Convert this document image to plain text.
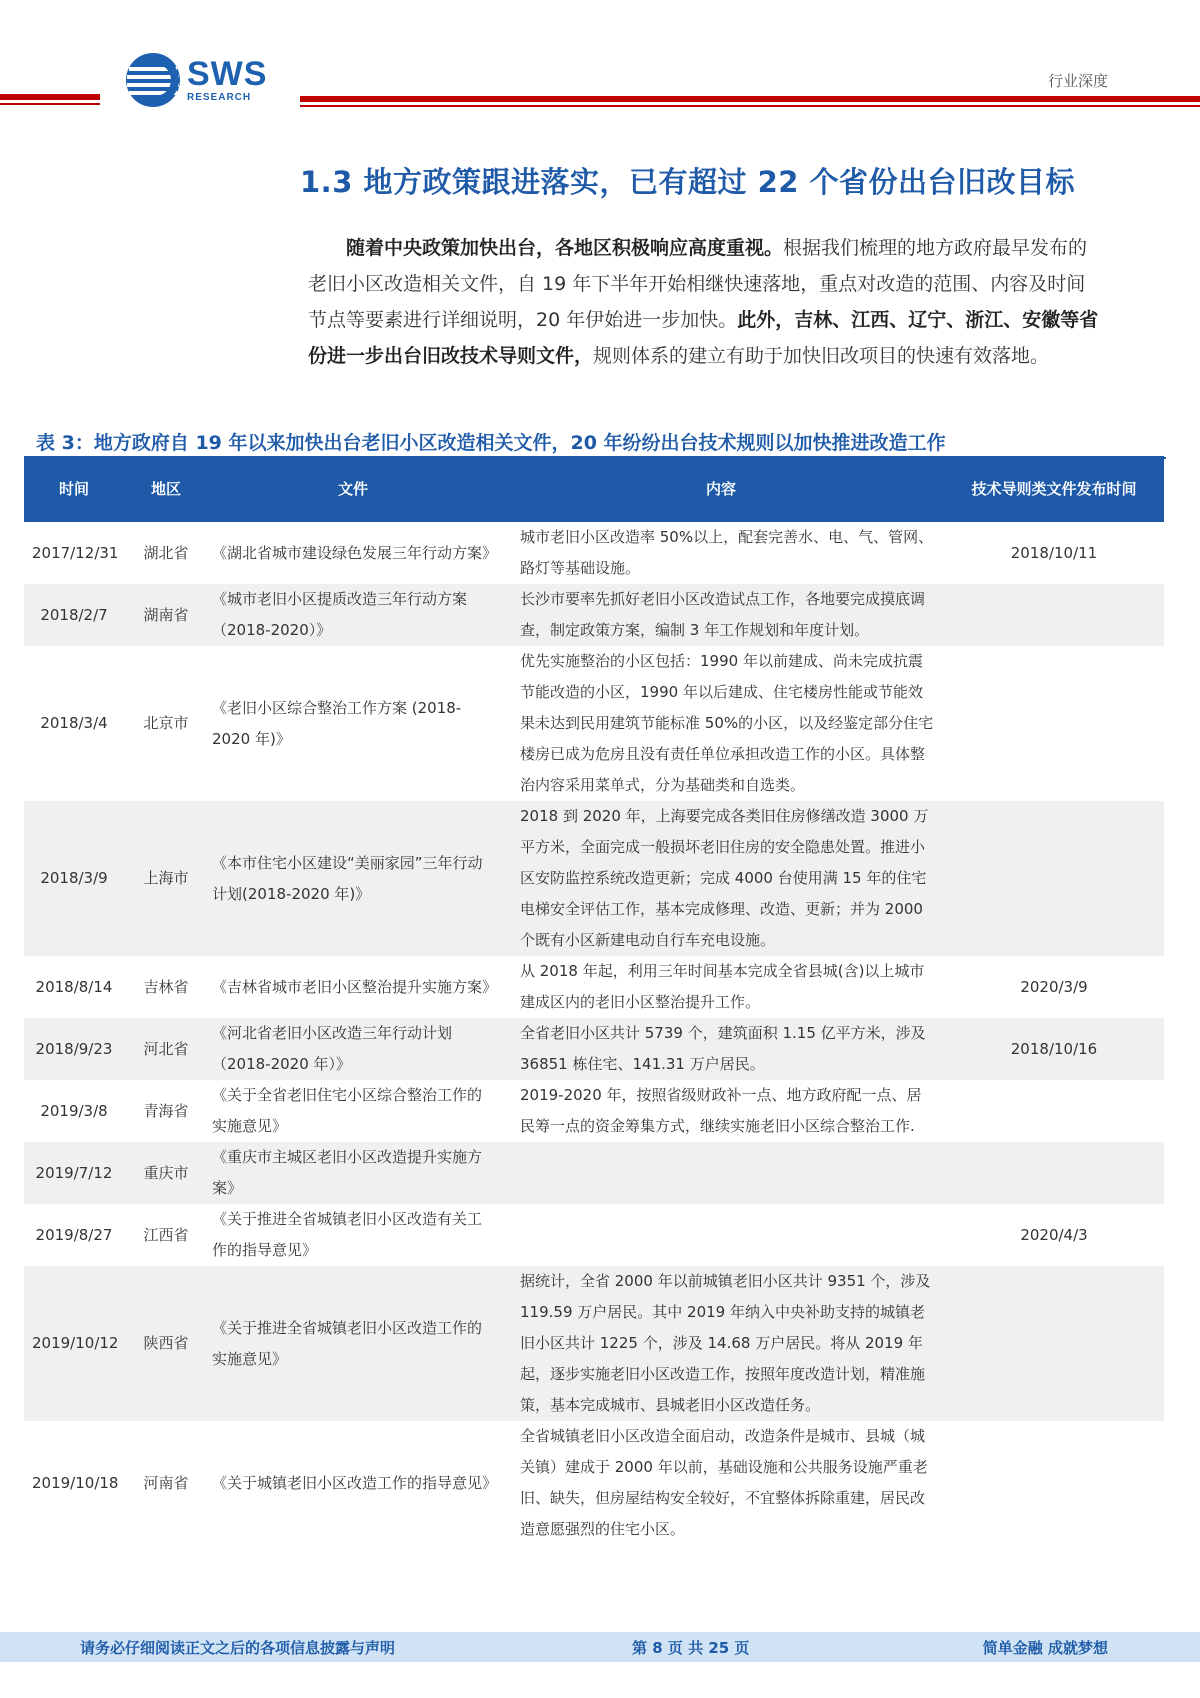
SWS
RESEARCH
行业深度
1.3 地方政策跟进落实，已有超过 22 个省份出台旧改目标

随着中央政策加快出台，各地区积极响应高度重视。根据我们梳理的地方政府最早发布的老旧小区改造相关文件，自 19 年下半年开始相继快速落地，重点对改造的范围、内容及时间节点等要素进行详细说明，20 年伊始进一步加快。此外，吉林、江西、辽宁、浙江、安徽等省份进一步出台旧改技术导则文件，规则体系的建立有助于加快旧改项目的快速有效落地。

表 3：地方政府自 19 年以来加快出台老旧小区改造相关文件，20 年纷纷出台技术规则以加快推进改造工作
时间	地区	文件	内容	技术导则类文件发布时间
2017/12/31	湖北省	《湖北省城市建设绿色发展三年行动方案》	城市老旧小区改造率 50%以上，配套完善水、电、气、管网、路灯等基础设施。	2018/10/11
2018/2/7	湖南省	《城市老旧小区提质改造三年行动方案（2018-2020）》	长沙市要率先抓好老旧小区改造试点工作，各地要完成摸底调查，制定政策方案，编制 3 年工作规划和年度计划。	
2018/3/4	北京市	《老旧小区综合整治工作方案 (2018-2020 年)》	优先实施整治的小区包括：1990 年以前建成、尚未完成抗震节能改造的小区，1990 年以后建成、住宅楼房性能或节能效果未达到民用建筑节能标准 50%的小区，以及经鉴定部分住宅楼房已成为危房且没有责任单位承担改造工作的小区。具体整治内容采用菜单式，分为基础类和自选类。	
2018/3/9	上海市	《本市住宅小区建设“美丽家园”三年行动计划(2018-2020 年)》	2018 到 2020 年，上海要完成各类旧住房修缮改造 3000 万平方米，全面完成一般损坏老旧住房的安全隐患处置。推进小区安防监控系统改造更新；完成 4000 台使用满 15 年的住宅电梯安全评估工作，基本完成修理、改造、更新；并为 2000 个既有小区新建电动自行车充电设施。	
2018/8/14	吉林省	《吉林省城市老旧小区整治提升实施方案》	从 2018 年起，利用三年时间基本完成全省县城(含)以上城市建成区内的老旧小区整治提升工作。	2020/3/9
2018/9/23	河北省	《河北省老旧小区改造三年行动计划（2018-2020 年）》	全省老旧小区共计 5739 个，建筑面积 1.15 亿平方米，涉及 36851 栋住宅、141.31 万户居民。	2018/10/16
2019/3/8	青海省	《关于全省老旧住宅小区综合整治工作的实施意见》	2019-2020 年，按照省级财政补一点、地方政府配一点、居民筹一点的资金筹集方式，继续实施老旧小区综合整治工作.	
2019/7/12	重庆市	《重庆市主城区老旧小区改造提升实施方案》		
2019/8/27	江西省	《关于推进全省城镇老旧小区改造有关工作的指导意见》		2020/4/3
2019/10/12	陕西省	《关于推进全省城镇老旧小区改造工作的实施意见》	据统计，全省 2000 年以前城镇老旧小区共计 9351 个，涉及 119.59 万户居民。其中 2019 年纳入中央补助支持的城镇老旧小区共计 1225 个，涉及 14.68 万户居民。将从 2019 年起，逐步实施老旧小区改造工作，按照年度改造计划，精准施策，基本完成城市、县城老旧小区改造任务。	
2019/10/18	河南省	《关于城镇老旧小区改造工作的指导意见》	全省城镇老旧小区改造全面启动，改造条件是城市、县城（城关镇）建成于 2000 年以前，基础设施和公共服务设施严重老旧、缺失，但房屋结构安全较好，不宜整体拆除重建，居民改造意愿强烈的住宅小区。	
请务必仔细阅读正文之后的各项信息披露与声明	第 8 页 共 25 页	简单金融 成就梦想
